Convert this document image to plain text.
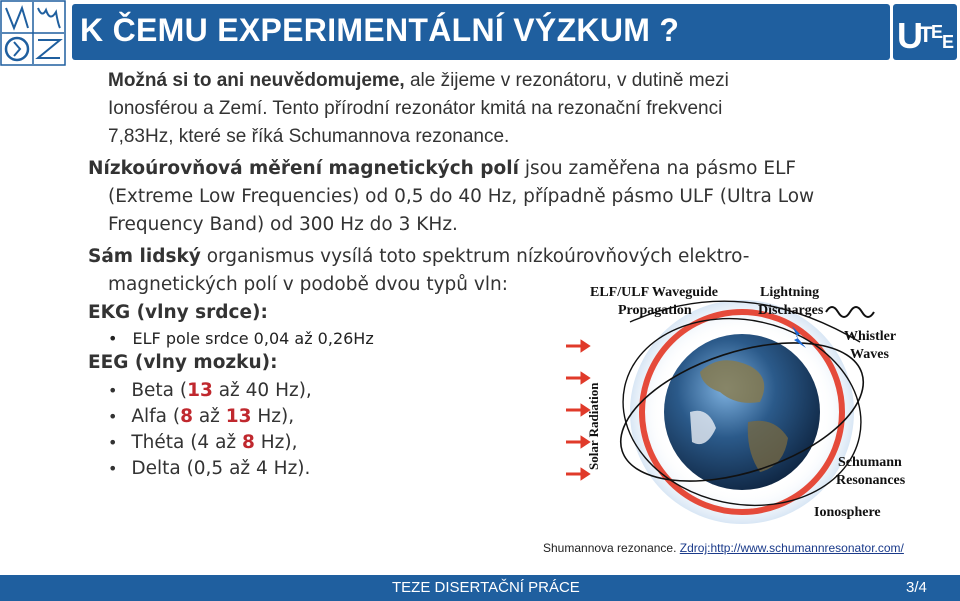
K ČEMU EXPERIMENTÁLNÍ VÝZKUM ?	U
T
E
E
Možná si to ani neuvědomujeme, ale žijeme v rezonátoru, v dutině mezi
Ionosférou a Zemí. Tento přírodní rezonátor kmitá na rezonační frekvenci
7,83Hz, které se říká Schumannova rezonance.
Nízkoúrovňová měření magnetických polí jsou zaměřena na pásmo ELF
(Extreme Low Frequencies) od 0,5 do 40 Hz, případně pásmo ULF (Ultra Low
Frequency Band) od 300 Hz do 3 KHz.
Sám lidský organismus vysílá toto spektrum nízkoúrovňových elektro-
magnetických polí v podobě dvou typů vln:
EKG (vlny srdce):
• ELF pole srdce 0,04 až 0,26Hz
EEG (vlny mozku):
• Beta (13 až 40 Hz),
• Alfa (8 až 13 Hz),
• Théta (4 až 8 Hz),
• Delta (0,5 až 4 Hz).
ELF/ULF Waveguide
Propagation
Lightning
Discharges
Whistler
Waves
Schumann
Resonances
Ionosphere
Solar Radiation
Shumannova rezonance. Zdroj:http://www.schumannresonator.com/
TEZE DISERTAČNÍ PRÁCE	3/4
